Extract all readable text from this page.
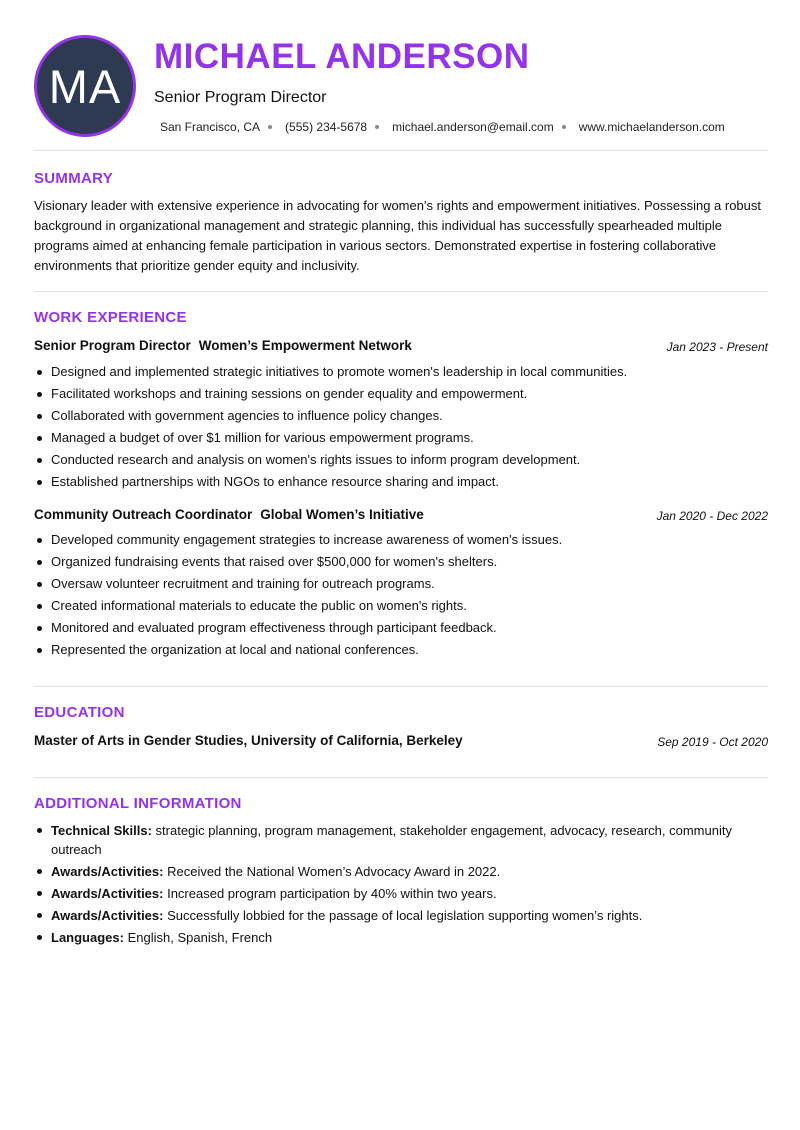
MA
MICHAEL ANDERSON
Senior Program Director
San Francisco, CA (555) 234-5678 michael.anderson@email.com www.michaelanderson.com
SUMMARY
Visionary leader with extensive experience in advocating for women's rights and empowerment initiatives. Possessing a robust background in organizational management and strategic planning, this individual has successfully spearheaded multiple programs aimed at enhancing female participation in various sectors. Demonstrated expertise in fostering collaborative environments that prioritize gender equity and inclusivity.
WORK EXPERIENCE
Senior Program Director Women’s Empowerment Network	Jan 2023 - Present
Designed and implemented strategic initiatives to promote women's leadership in local communities.
Facilitated workshops and training sessions on gender equality and empowerment.
Collaborated with government agencies to influence policy changes.
Managed a budget of over $1 million for various empowerment programs.
Conducted research and analysis on women's rights issues to inform program development.
Established partnerships with NGOs to enhance resource sharing and impact.
Community Outreach Coordinator Global Women’s Initiative	Jan 2020 - Dec 2022
Developed community engagement strategies to increase awareness of women's issues.
Organized fundraising events that raised over $500,000 for women's shelters.
Oversaw volunteer recruitment and training for outreach programs.
Created informational materials to educate the public on women's rights.
Monitored and evaluated program effectiveness through participant feedback.
Represented the organization at local and national conferences.
EDUCATION
Master of Arts in Gender Studies, University of California, Berkeley	Sep 2019 - Oct 2020
ADDITIONAL INFORMATION
Technical Skills: strategic planning, program management, stakeholder engagement, advocacy, research, community outreach
Awards/Activities: Received the National Women’s Advocacy Award in 2022.
Awards/Activities: Increased program participation by 40% within two years.
Awards/Activities: Successfully lobbied for the passage of local legislation supporting women’s rights.
Languages: English, Spanish, French
